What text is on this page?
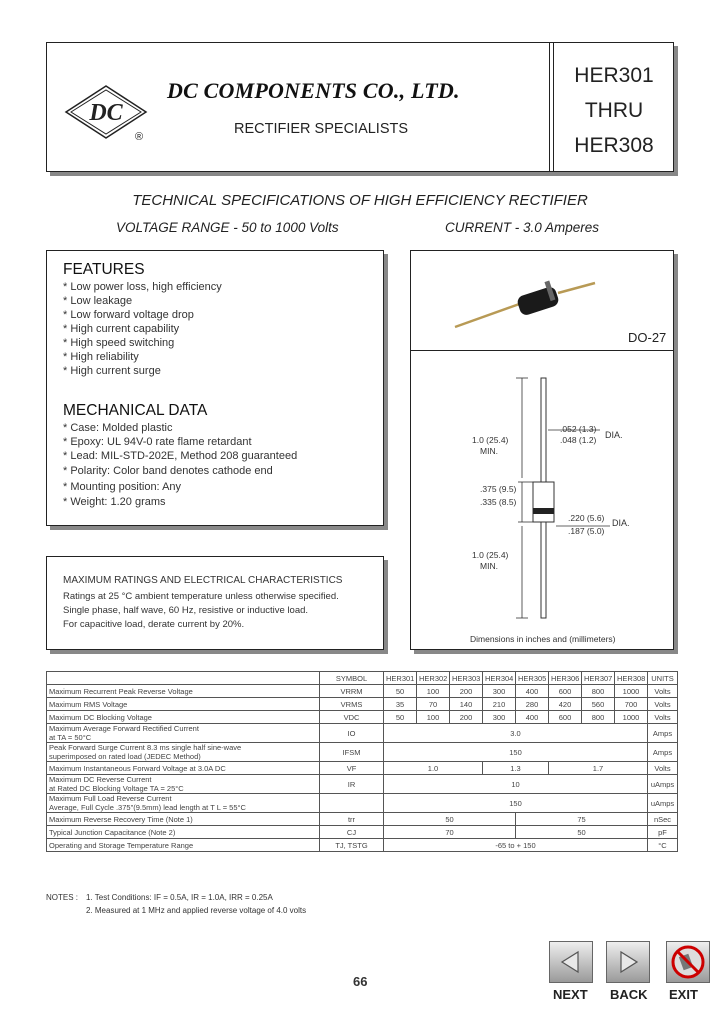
DC
®
DC COMPONENTS CO., LTD.
RECTIFIER SPECIALISTS
HER301
THRU
HER308
TECHNICAL SPECIFICATIONS OF HIGH EFFICIENCY RECTIFIER
VOLTAGE RANGE - 50 to 1000 Volts	CURRENT - 3.0 Amperes
FEATURES
* Low power loss, high efficiency
* Low leakage
* Low forward voltage drop
* High current capability
* High speed switching
* High reliability
* High current surge
MECHANICAL DATA
* Case: Molded plastic
* Epoxy: UL 94V-0 rate flame retardant
* Lead: MIL-STD-202E, Method 208 guaranteed
* Polarity: Color band denotes cathode end
* Mounting position: Any
* Weight: 1.20 grams
MAXIMUM RATINGS AND ELECTRICAL CHARACTERISTICS
Ratings at 25 °C ambient temperature unless otherwise specified.
Single phase, half wave, 60 Hz, resistive or inductive load.
For capacitive load, derate current by 20%.
DO-27
.052 (1.3)
.048 (1.2) DIA.
1.0 (25.4)
MIN.
.375 (9.5)
.335 (8.5)
.220 (5.6)
.187 (5.0)
DIA.
1.0 (25.4)
MIN.
Dimensions in inches and (millimeters)
	SYMBOL	HER301	HER302	HER303	HER304	HER305	HER306	HER307	HER308	UNITS

Maximum Recurrent Peak Reverse Voltage	VRRM	50	100	200	300	400	600	800	1000	Volts

Maximum RMS Voltage	VRMS	35	70	140	210	280	420	560	700	Volts

Maximum DC Blocking Voltage	VDC	50	100	200	300	400	600	800	1000	Volts

Maximum Average Forward Rectified Current
at TA = 50°C	IO	3.0								Amps

Peak Forward Surge Current 8.3 ms single half sine-wave
superimposed on rated load (JEDEC Method)	IFSM	150								Amps

Maximum Instantaneous Forward Voltage at 3.0A DC	VF	1.0			1.3		1.7			Volts

Maximum DC Reverse Current
at Rated DC Blocking Voltage TA = 25°C	IR	10								uAmps

Maximum Full Load Reverse Current
Average, Full Cycle .375"(9.5mm) lead length at T L = 55°C		150								uAmps

Maximum Reverse Recovery Time (Note 1)	trr	50				75				nSec

Typical Junction Capacitance (Note 2)	CJ	70				50				pF

Operating and Storage Temperature Range	TJ, TSTG	-65 to + 150								°C
NOTES : 1. Test Conditions: IF = 0.5A, IR = 1.0A, IRR = 0.25A
2. Measured at 1 MHz and applied reverse voltage of 4.0 volts
66
NEXT BACK EXIT
